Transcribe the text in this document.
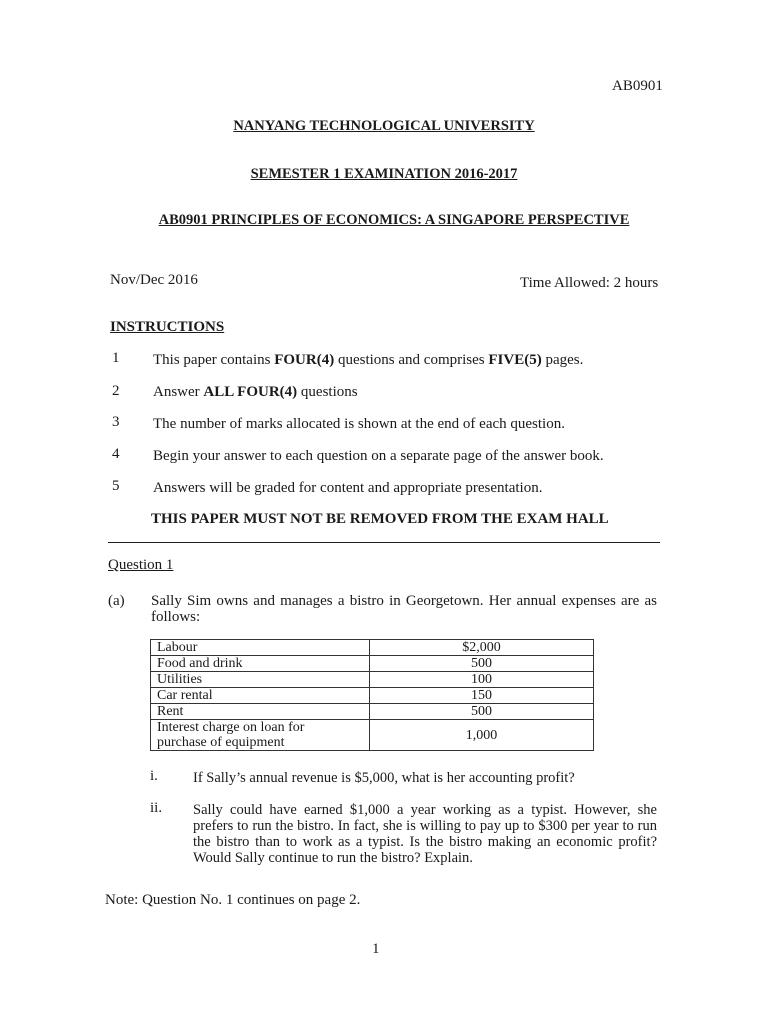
AB0901
NANYANG TECHNOLOGICAL UNIVERSITY
SEMESTER 1 EXAMINATION 2016-2017
AB0901 PRINCIPLES OF ECONOMICS: A SINGAPORE PERSPECTIVE
Nov/Dec 2016	Time Allowed: 2 hours
INSTRUCTIONS
1 This paper contains FOUR(4) questions and comprises FIVE(5) pages.
2 Answer ALL FOUR(4) questions
3 The number of marks allocated is shown at the end of each question.
4 Begin your answer to each question on a separate page of the answer book.
5 Answers will be graded for content and appropriate presentation.
THIS PAPER MUST NOT BE REMOVED FROM THE EXAM HALL
Question 1
(a) Sally Sim owns and manages a bistro in Georgetown. Her annual expenses are as follows:
Labour	$2,000
Food and drink	500
Utilities	100
Car rental	150
Rent	500
Interest charge on loan for
purchase of equipment	1,000
i. If Sally’s annual revenue is $5,000, what is her accounting profit?
ii. Sally could have earned $1,000 a year working as a typist. However, she prefers to run the bistro. In fact, she is willing to pay up to $300 per year to run the bistro than to work as a typist. Is the bistro making an economic profit? Would Sally continue to run the bistro? Explain.
Note: Question No. 1 continues on page 2.
1
